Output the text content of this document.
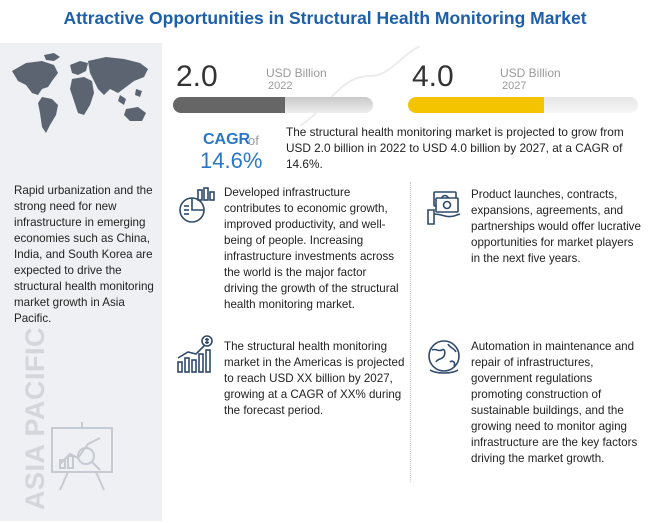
Attractive Opportunities in Structural Health Monitoring Market
Rapid urbanization and the strong need for new infrastructure in emerging economies such as China, India, and South Korea are expected to drive the structural health monitoring market growth in Asia Pacific.
ASIA PACIFIC
2.0	USD Billion
2022	4.0	USD Billion
2027
CAGR
of
14.6%
The structural health monitoring market is projected to grow from USD 2.0 billion in 2022 to USD 4.0 billion by 2027, at a CAGR of 14.6%.
Developed infrastructure contributes to economic growth, improved productivity, and well-being of people. Increasing infrastructure investments across the world is the major factor driving the growth of the structural health monitoring market.
Product launches, contracts, expansions, agreements, and partnerships would offer lucrative opportunities for market players in the next five years.
The structural health monitoring market in the Americas is projected to reach USD XX billion by 2027, growing at a CAGR of XX% during the forecast period.
Automation in maintenance and repair of infrastructures, government regulations promoting construction of sustainable buildings, and the growing need to monitor aging infrastructure are the key factors driving the market growth.
